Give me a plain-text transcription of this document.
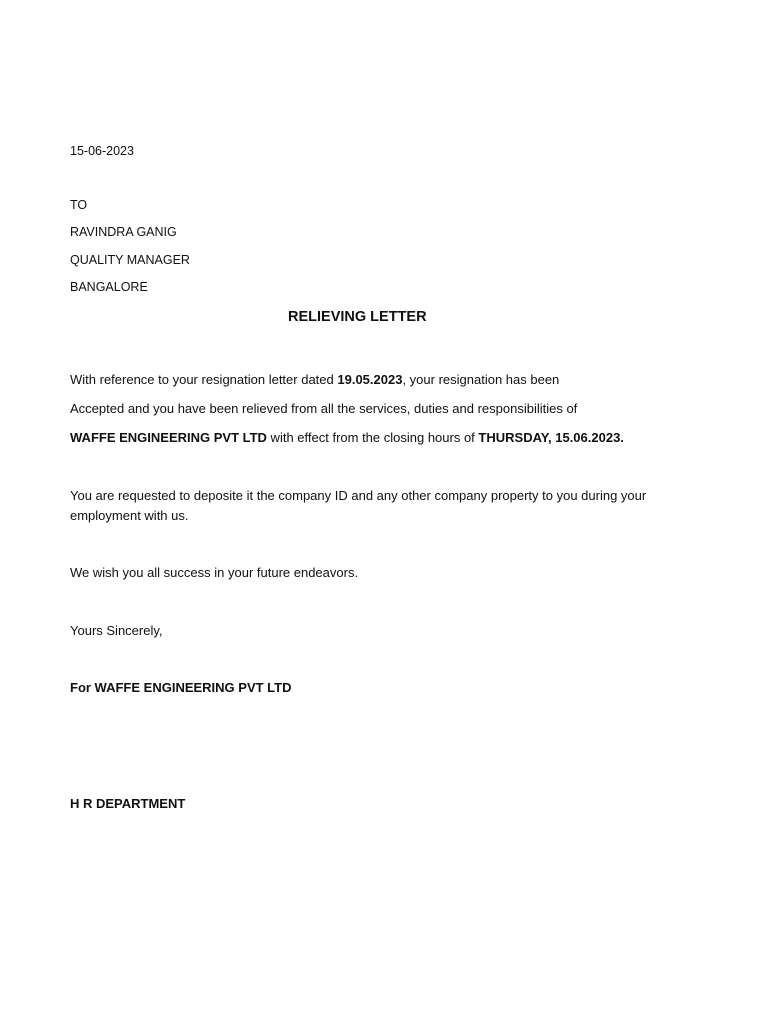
15-06-2023
TO
RAVINDRA GANIG
QUALITY MANAGER
BANGALORE
RELIEVING LETTER
With reference to your resignation letter dated 19.05.2023, your resignation has been
Accepted and you have been relieved from all the services, duties and responsibilities of
WAFFE ENGINEERING PVT LTD with effect from the closing hours of THURSDAY, 15.06.2023.
You are requested to deposite it the company ID and any other company property to you during your employment with us.
We wish you all success in your future endeavors.
Yours Sincerely,
For WAFFE ENGINEERING PVT LTD
H R DEPARTMENT
